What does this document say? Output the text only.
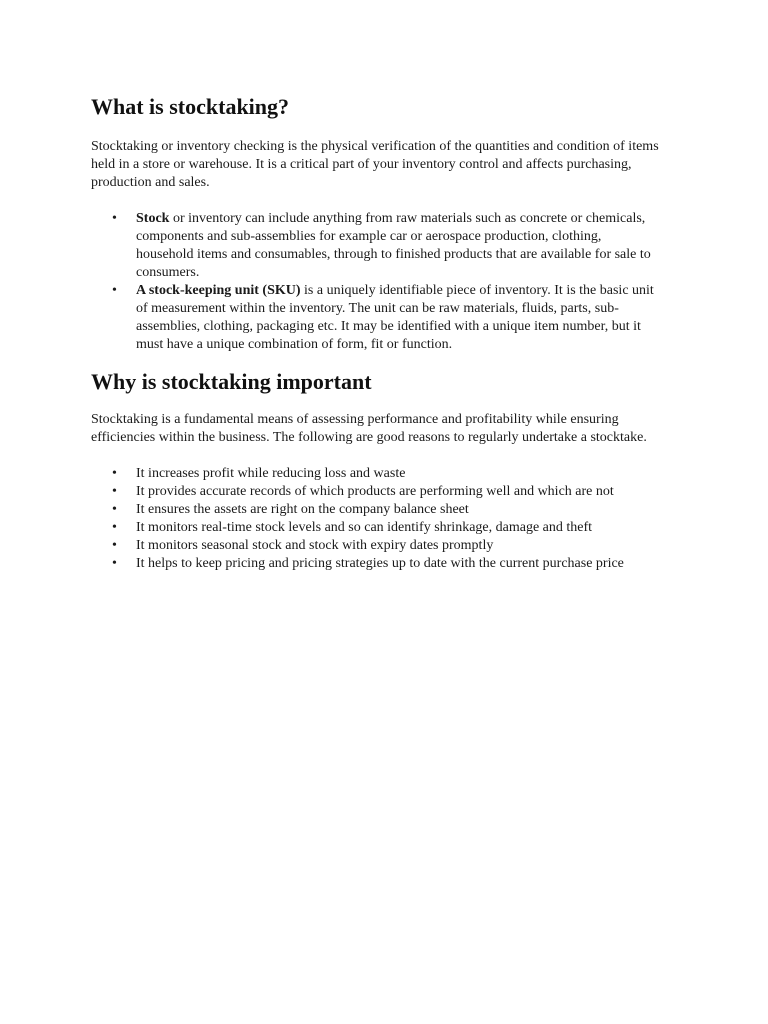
What is stocktaking?

Stocktaking or inventory checking is the physical verification of the quantities and condition of items held in a store or warehouse. It is a critical part of your inventory control and affects purchasing, production and sales.

• Stock or inventory can include anything from raw materials such as concrete or chemicals, components and sub-assemblies for example car or aerospace production, clothing, household items and consumables, through to finished products that are available for sale to consumers.
• A stock-keeping unit (SKU) is a uniquely identifiable piece of inventory. It is the basic unit of measurement within the inventory. The unit can be raw materials, fluids, parts, sub-assemblies, clothing, packaging etc. It may be identified with a unique item number, but it must have a unique combination of form, fit or function.
Why is stocktaking important

Stocktaking is a fundamental means of assessing performance and profitability while ensuring efficiencies within the business. The following are good reasons to regularly undertake a stocktake.

• It increases profit while reducing loss and waste
• It provides accurate records of which products are performing well and which are not
• It ensures the assets are right on the company balance sheet
• It monitors real-time stock levels and so can identify shrinkage, damage and theft
• It monitors seasonal stock and stock with expiry dates promptly
• It helps to keep pricing and pricing strategies up to date with the current purchase price
